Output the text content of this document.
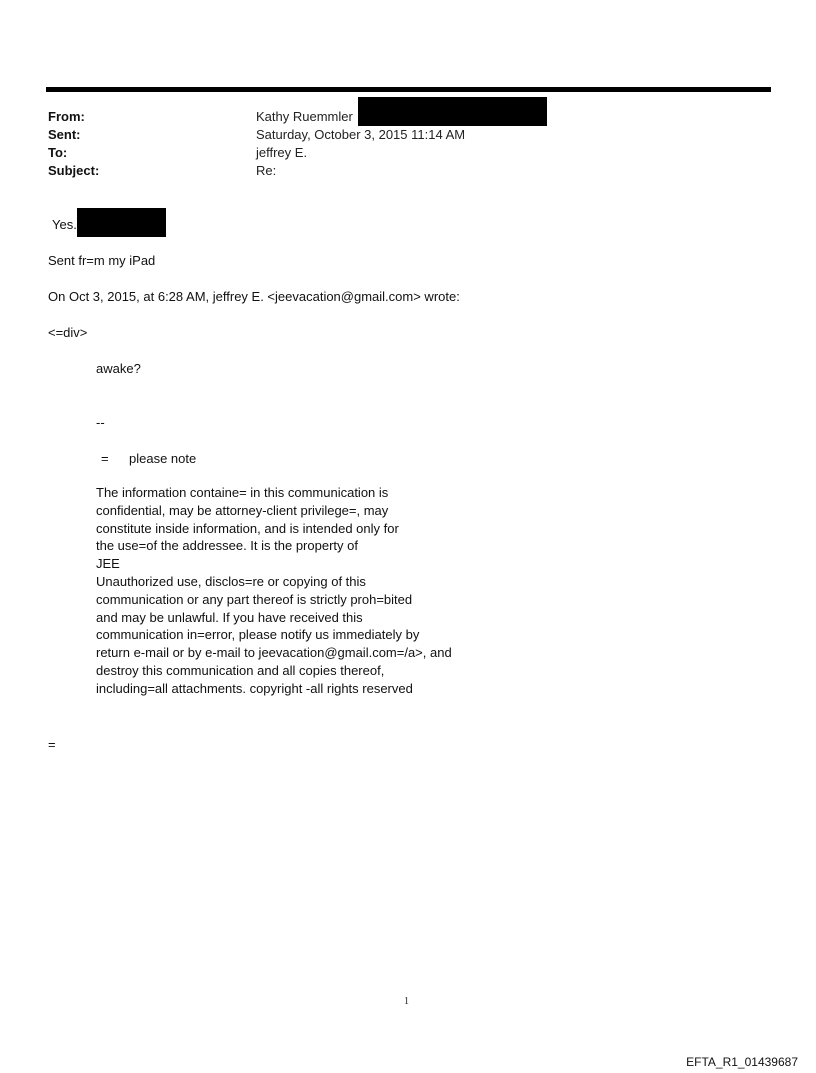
From:
Sent:
To:
Subject:
Kathy Ruemmler
Saturday, October 3, 2015 11:14 AM
jeffrey E.
Re:
Yes.
Sent fr=m my iPad
On Oct 3, 2015, at 6:28 AM, jeffrey E. <jeevacation@gmail.com> wrote:
<=div>
awake?
--
= please note
The information containe= in this communication is
confidential, may be attorney-client privilege=, may
constitute inside information, and is intended only for
the use=of the addressee. It is the property of
JEE
Unauthorized use, disclos=re or copying of this
communication or any part thereof is strictly proh=bited
and may be unlawful. If you have received this
communication in=error, please notify us immediately by
return e-mail or by e-mail to jeevacation@gmail.com=/a>, and
destroy this communication and all copies thereof,
including=all attachments. copyright -all rights reserved
=
1
EFTA_R1_01439687
